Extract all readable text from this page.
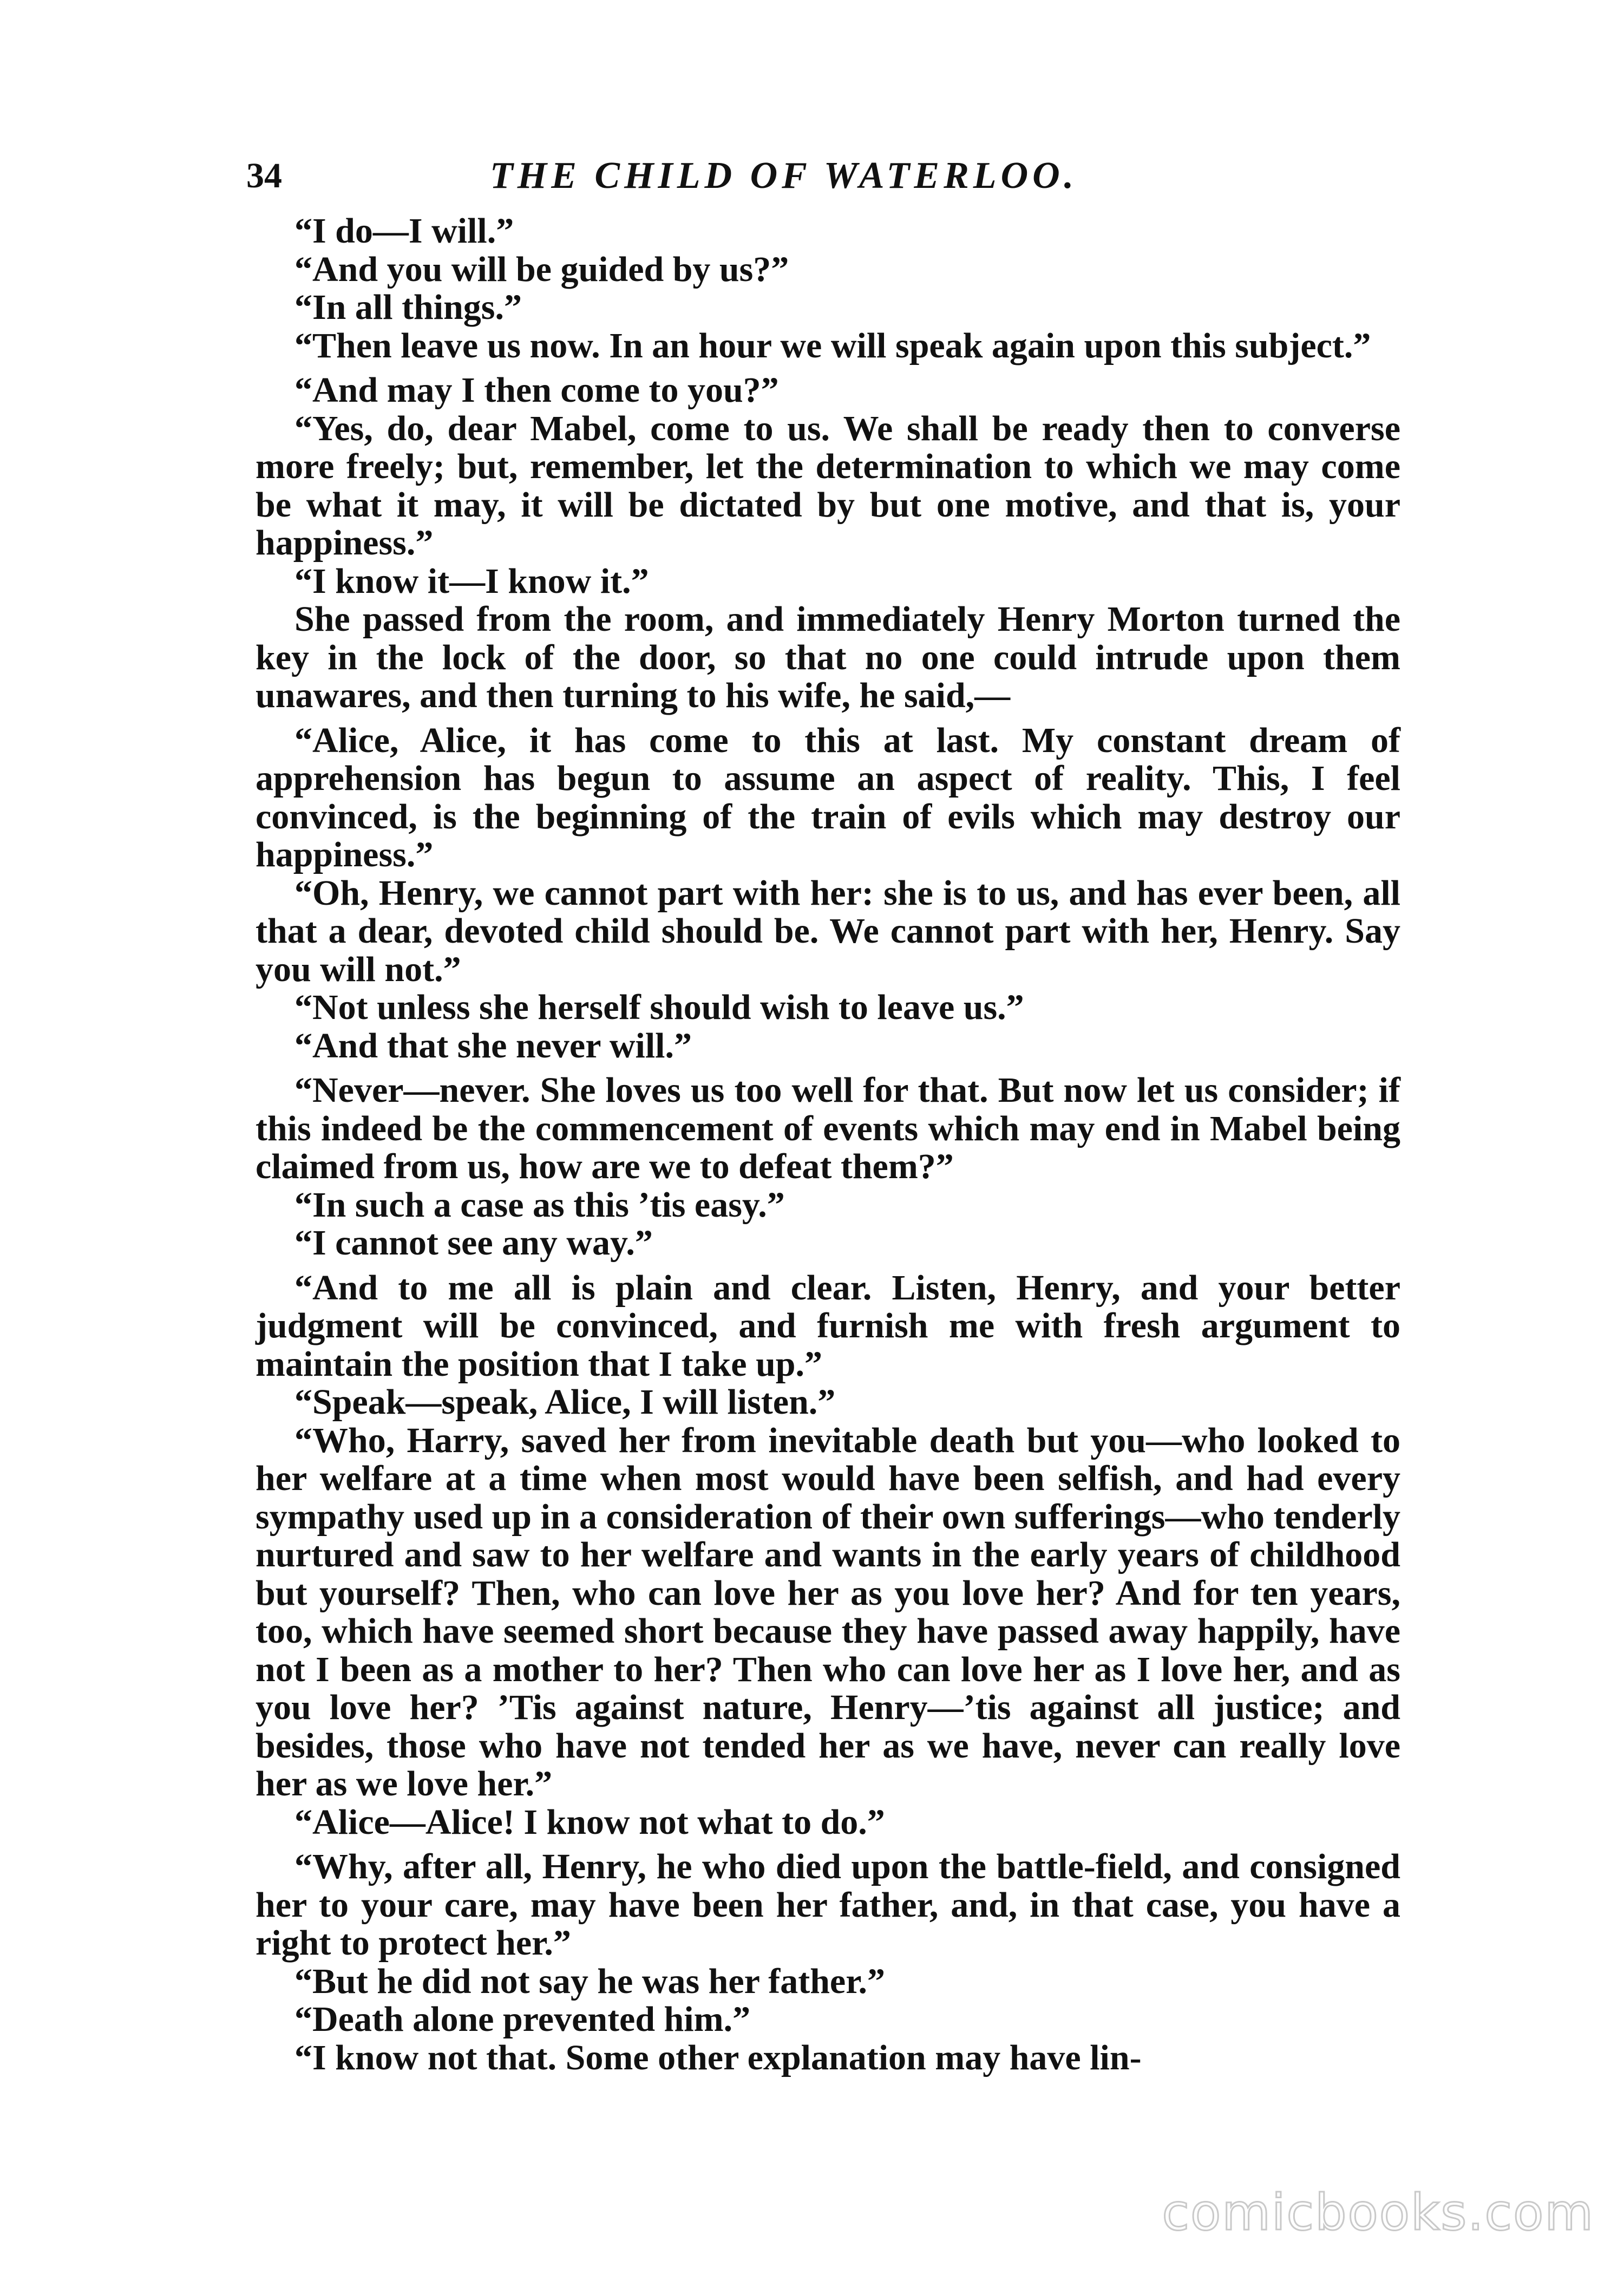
34	THE CHILD OF WATERLOO.

“I do—I will.”

“And you will be guided by us?”

“In all things.”

“Then leave us now. In an hour we will speak again upon this subject.”

“And may I then come to you?”

“Yes, do, dear Mabel, come to us. We shall be ready then to converse more freely; but, remember, let the determination to which we may come be what it may, it will be dictated by but one motive, and that is, your happiness.”

“I know it—I know it.”

She passed from the room, and immediately Henry Morton turned the key in the lock of the door, so that no one could intrude upon them unawares, and then turning to his wife, he said,—

“Alice, Alice, it has come to this at last. My constant dream of apprehension has begun to assume an aspect of reality. This, I feel convinced, is the beginning of the train of evils which may destroy our happiness.”

“Oh, Henry, we cannot part with her: she is to us, and has ever been, all that a dear, devoted child should be. We cannot part with her, Henry. Say you will not.”

“Not unless she herself should wish to leave us.”

“And that she never will.”

“Never—never. She loves us too well for that. But now let us consider; if this indeed be the commencement of events which may end in Mabel being claimed from us, how are we to defeat them?”

“In such a case as this ’tis easy.”

“I cannot see any way.”

“And to me all is plain and clear. Listen, Henry, and your better judgment will be convinced, and furnish me with fresh argument to maintain the position that I take up.”

“Speak—speak, Alice, I will listen.”

“Who, Harry, saved her from inevitable death but you—who looked to her welfare at a time when most would have been selfish, and had every sympathy used up in a consideration of their own sufferings—who tenderly nurtured and saw to her welfare and wants in the early years of childhood but yourself? Then, who can love her as you love her? And for ten years, too, which have seemed short because they have passed away happily, have not I been as a mother to her? Then who can love her as I love her, and as you love her? ’Tis against nature, Henry—’tis against all justice; and besides, those who have not tended her as we have, never can really love her as we love her.”

“Alice—Alice! I know not what to do.”

“Why, after all, Henry, he who died upon the battle-field, and consigned her to your care, may have been her father, and, in that case, you have a right to protect her.”

“But he did not say he was her father.”

“Death alone prevented him.”

“I know not that. Some other explanation may have lin-

comicbooks.com
